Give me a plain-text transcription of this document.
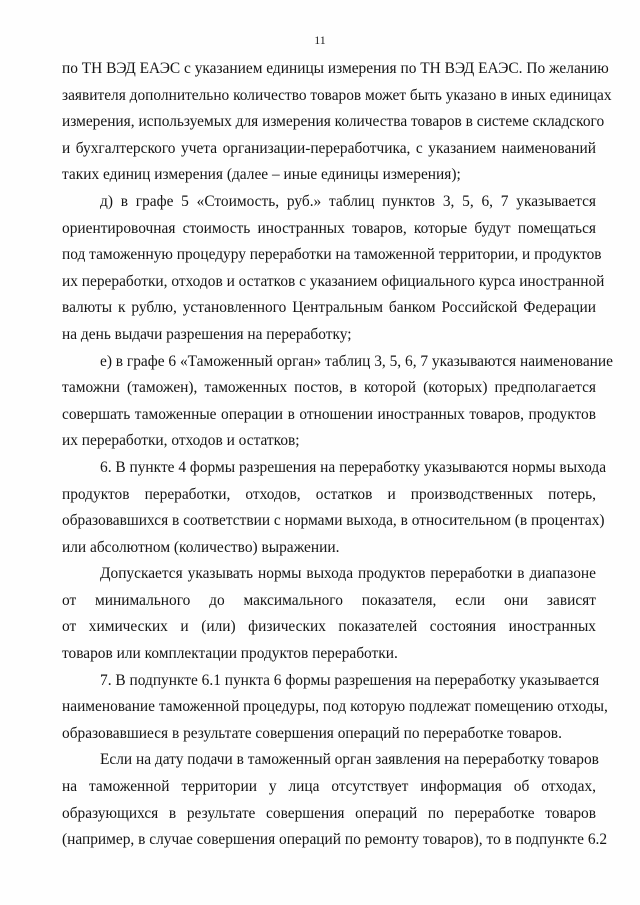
11
по ТН ВЭД ЕАЭС с указанием единицы измерения по ТН ВЭД ЕАЭС. По желанию
заявителя дополнительно количество товаров может быть указано в иных единицах
измерения, используемых для измерения количества товаров в системе складского
и бухгалтерского учета организации-переработчика, с указанием наименований
таких единиц измерения (далее – иные единицы измерения);
д) в графе 5 «Стоимость, руб.» таблиц пунктов 3, 5, 6, 7 указывается
ориентировочная стоимость иностранных товаров, которые будут помещаться
под таможенную процедуру переработки на таможенной территории, и продуктов
их переработки, отходов и остатков с указанием официального курса иностранной
валюты к рублю, установленного Центральным банком Российской Федерации
на день выдачи разрешения на переработку;
е) в графе 6 «Таможенный орган» таблиц 3, 5, 6, 7 указываются наименование
таможни (таможен), таможенных постов, в которой (которых) предполагается
совершать таможенные операции в отношении иностранных товаров, продуктов
их переработки, отходов и остатков;
6. В пункте 4 формы разрешения на переработку указываются нормы выхода
продуктов переработки, отходов, остатков и производственных потерь,
образовавшихся в соответствии с нормами выхода, в относительном (в процентах)
или абсолютном (количество) выражении.
Допускается указывать нормы выхода продуктов переработки в диапазоне
от минимального до максимального показателя, если они зависят
от химических и (или) физических показателей состояния иностранных
товаров или комплектации продуктов переработки.
7. В подпункте 6.1 пункта 6 формы разрешения на переработку указывается
наименование таможенной процедуры, под которую подлежат помещению отходы,
образовавшиеся в результате совершения операций по переработке товаров.
Если на дату подачи в таможенный орган заявления на переработку товаров
на таможенной территории у лица отсутствует информация об отходах,
образующихся в результате совершения операций по переработке товаров
(например, в случае совершения операций по ремонту товаров), то в подпункте 6.2
